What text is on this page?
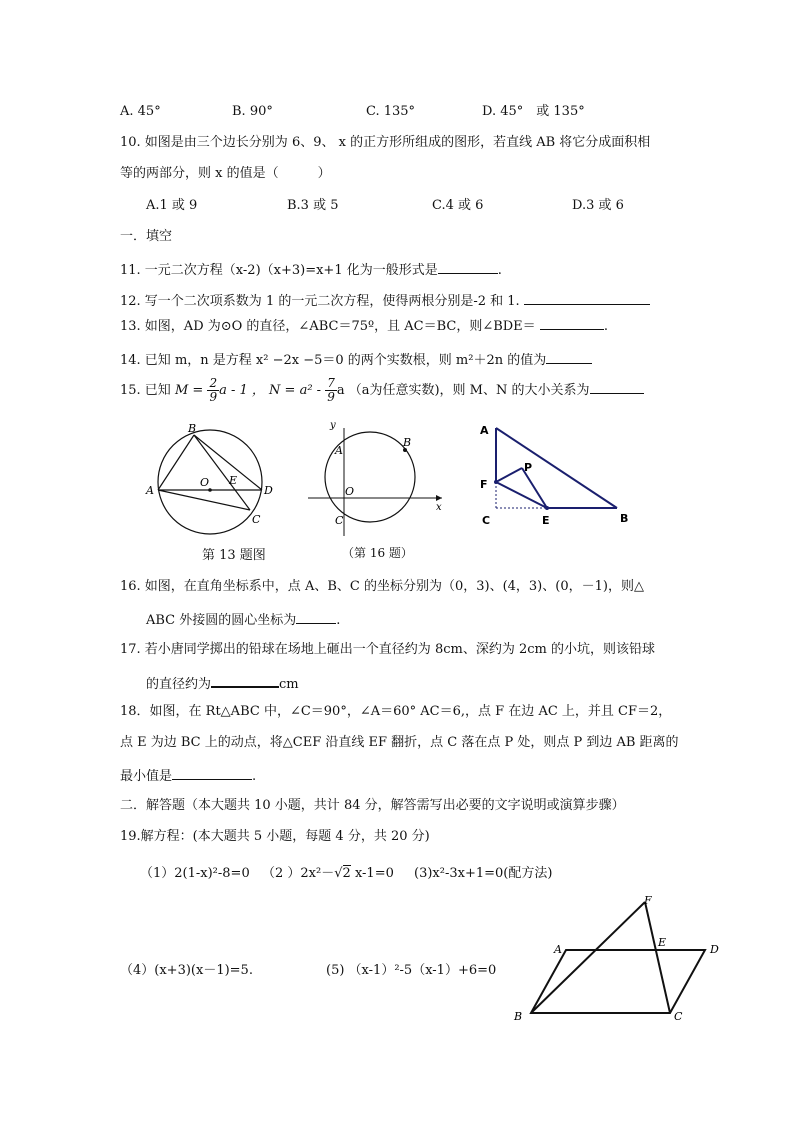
A. 45°	B. 90°	C. 135°	D. 45°　或 135°
10. 如图是由三个边长分别为 6、9、 x 的正方形所组成的图形，若直线 AB 将它分成面积相
等的两部分，则 x 的值是（　　　）
A.1 或 9	B.3 或 5	C.4 或 6	D.3 或 6
一．填空
11. 一元二次方程（x-2)（x+3)=x+1 化为一般形式是	.
12. 写一个二次项系数为 1 的一元二次方程，使得两根分别是-2 和 1.
13. 如图，AD 为⊙O 的直径，∠ABC＝75º，且 AC＝BC，则∠BDE＝	.
14. 已知 m，n 是方程 x² −2x −5＝0 的两个实数根，则 m²＋2n 的值为
15. 已知 $M = \frac{2}{9}$ a - 1 ， $N = a^2 - \frac{7}{9}$ a （a为任意实数)，则 M、N 的大小关系为
B
A
O E
D
C
第 13 题图
y
A
B
O
x
C
（第 16 题）
A
P
F
C	E	B
16. 如图，在直角坐标系中，点 A、B、C 的坐标分别为（0，3)、(4，3)、(0，－1)，则△
ABC 外接圆的圆心坐标为	.
17. 若小唐同学掷出的铅球在场地上砸出一个直径约为 8cm、深约为 2cm 的小坑，则该铅球
的直径约为	cm
18．如图，在 Rt△ABC 中，∠C＝90°，∠A＝60° AC＝6,，点 F 在边 AC 上，并且 CF＝2，
点 E 为边 BC 上的动点，将△CEF 沿直线 EF 翻折，点 C 落在点 P 处，则点 P 到边 AB 距离的
最小值是	.
二．解答题（本大题共 10 小题，共计 84 分，解答需写出必要的文字说明或演算步骤）
19.解方程：(本大题共 5 小题，每题 4 分，共 20 分)
（1）2(1-x)²-8=0 （2 ）2x²－√2 x-1=0 (3)x²-3x+1=0(配方法)
（4）(x+3)(x－1)=5.	(5) （x-1）²-5（x-1）+6=0
F
A
E
D
B	C
